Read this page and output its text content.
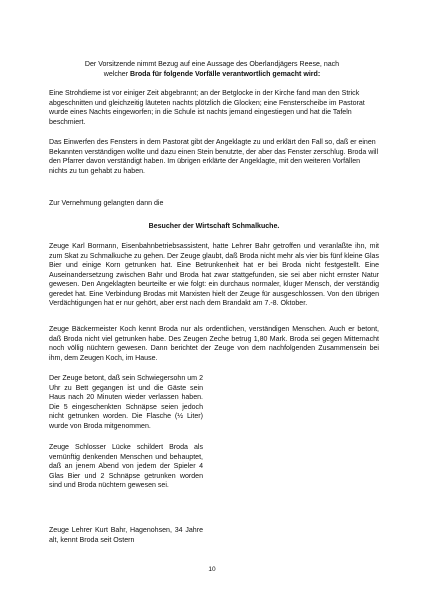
Der Vorsitzende nimmt Bezug auf eine Aussage des Oberlandjägers Reese, nach
welcher Broda für folgende Vorfälle verantwortlich gemacht wird:

Eine Strohdieme ist vor einiger Zeit abgebrannt; an der Betglocke in der Kirche fand man den Strick abgeschnitten und gleichzeitig läuteten nachts plötzlich die Glocken; eine Fensterscheibe im Pastorat wurde eines Nachts eingeworfen; in die Schule ist nachts jemand eingestiegen und hat die Tafeln beschmiert.

Das Einwerfen des Fensters in dem Pastorat gibt der Angeklagte zu und erklärt den Fall so, daß er einen Bekannten verständigen wollte und dazu einen Stein benutzte, der aber das Fenster zerschlug. Broda will den Pfarrer davon verständigt haben. Im übrigen erklärte der Angeklagte, mit den weiteren Vorfällen nichts zu tun gehabt zu haben.

Zur Vernehmung gelangten dann die

Besucher der Wirtschaft Schmalkuche.

Zeuge Karl Bormann, Eisenbahnbetriebsassistent, hatte Lehrer Bahr getroffen und veranlaßte ihn, mit zum Skat zu Schmalkuche zu gehen. Der Zeuge glaubt, daß Broda nicht mehr als vier bis fünf kleine Glas Bier und einige Korn getrunken hat. Eine Betrunkenheit hat er bei Broda nicht festgestellt. Eine Auseinandersetzung zwischen Bahr und Broda hat zwar stattgefunden, sie sei aber nicht ernster Natur gewesen. Den Angeklagten beurteilte er wie folgt: ein durchaus normaler, kluger Mensch, der verständig geredet hat. Eine Verbindung Brodas mit Marxisten hielt der Zeuge für ausgeschlossen. Von den übrigen Verdächtigungen hat er nur gehört, aber erst nach dem Brandakt am 7.-8. Oktober.

Zeuge Bäckermeister Koch kennt Broda nur als ordentlichen, verständigen Menschen. Auch er betont, daß Broda nicht viel getrunken habe. Des Zeugen Zeche betrug 1,80 Mark. Broda sei gegen Mitternacht noch völlig nüchtern gewesen. Dann berichtet der Zeuge von dem nachfolgenden Zusammensein bei ihm, dem Zeugen Koch, im Hause.

Der Zeuge betont, daß sein Schwiegersohn um 2 Uhr zu Bett gegangen ist und die Gäste sein Haus nach 20 Minuten wieder verlassen haben. Die 5 eingeschenkten Schnäpse seien jedoch nicht getrunken worden. Die Flasche (½ Liter) wurde von Broda mitgenommen.

Zeuge Schlosser Lücke schildert Broda als vernünftig denkenden Menschen und behauptet, daß an jenem Abend von jedem der Spieler 4 Glas Bier und 2 Schnäpse getrunken worden sind und Broda nüchtern gewesen sei.

Zeuge Lehrer Kurt Bahr, Hagenohsen, 34 Jahre alt, kennt Broda seit Ostern

10
